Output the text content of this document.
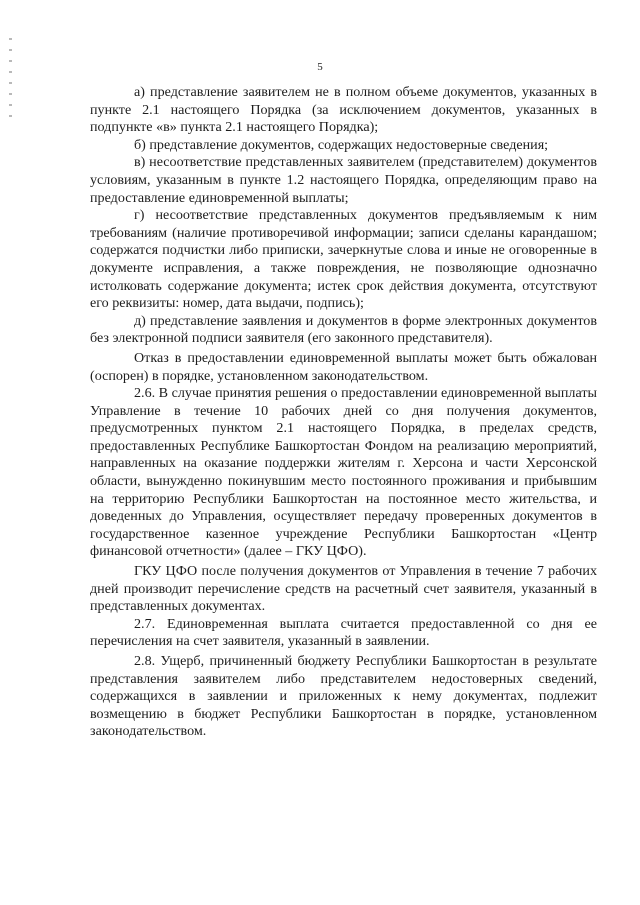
5

а) представление заявителем не в полном объеме документов, указанных в пункте 2.1 настоящего Порядка (за исключением документов, указанных в подпункте «в» пункта 2.1 настоящего Порядка);

б) представление документов, содержащих недостоверные сведения;

в) несоответствие представленных заявителем (представителем) документов условиям, указанным в пункте 1.2 настоящего Порядка, определяющим право на предоставление единовременной выплаты;

г) несоответствие представленных документов предъявляемым к ним требованиям (наличие противоречивой информации; записи сделаны карандашом; содержатся подчистки либо приписки, зачеркнутые слова и иные не оговоренные в документе исправления, а также повреждения, не позволяющие однозначно истолковать содержание документа; истек срок действия документа, отсутствуют его реквизиты: номер, дата выдачи, подпись);

д) представление заявления и документов в форме электронных документов без электронной подписи заявителя (его законного представителя).

Отказ в предоставлении единовременной выплаты может быть обжалован (оспорен) в порядке, установленном законодательством.

2.6. В случае принятия решения о предоставлении единовременной выплаты Управление в течение 10 рабочих дней со дня получения документов, предусмотренных пунктом 2.1 настоящего Порядка, в пределах средств, предоставленных Республике Башкортостан Фондом на реализацию мероприятий, направленных на оказание поддержки жителям г. Херсона и части Херсонской области, вынужденно покинувшим место постоянного проживания и прибывшим на территорию Республики Башкортостан на постоянное место жительства, и доведенных до Управления, осуществляет передачу проверенных документов в государственное казенное учреждение Республики Башкортостан «Центр финансовой отчетности» (далее – ГКУ ЦФО).

ГКУ ЦФО после получения документов от Управления в течение 7 рабочих дней производит перечисление средств на расчетный счет заявителя, указанный в представленных документах.

2.7. Единовременная выплата считается предоставленной со дня ее перечисления на счет заявителя, указанный в заявлении.

2.8. Ущерб, причиненный бюджету Республики Башкортостан в результате представления заявителем либо представителем недостоверных сведений, содержащихся в заявлении и приложенных к нему документах, подлежит возмещению в бюджет Республики Башкортостан в порядке, установленном законодательством.
